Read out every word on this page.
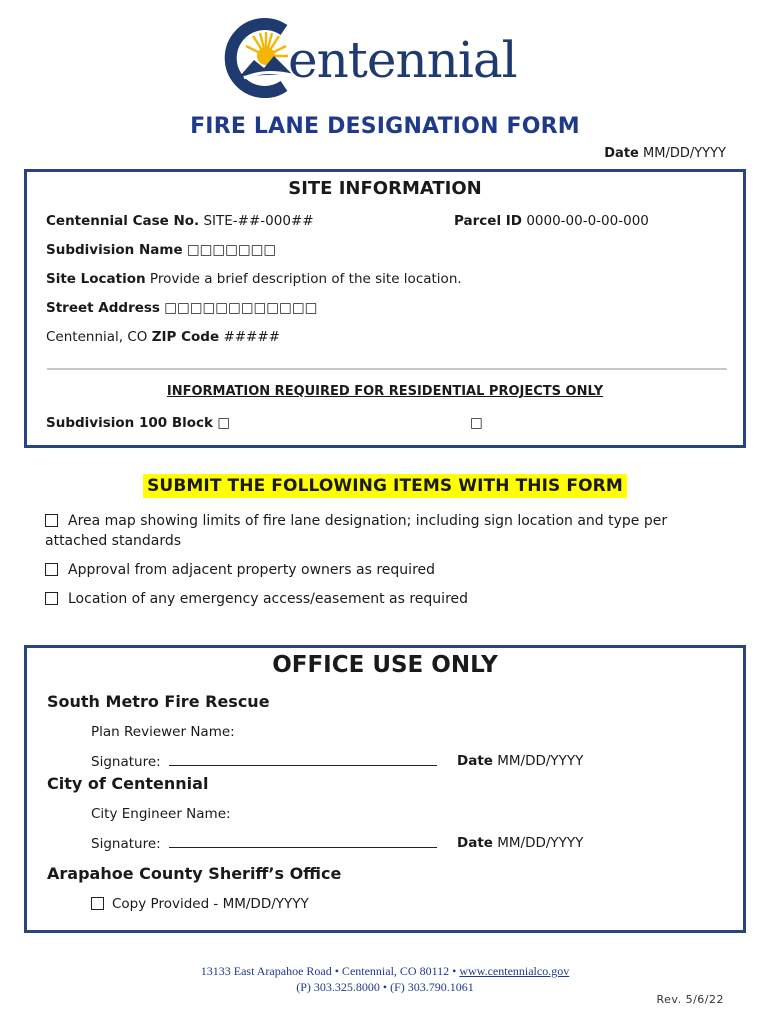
entennial
FIRE LANE DESIGNATION FORM
Date MM/DD/YYYY
SITE INFORMATION
Centennial Case No. SITE-##-000##	Parcel ID 0000-00-0-00-000
Subdivision Name □□□□□□□
Site Location Provide a brief description of the site location.
Street Address □□□□□□□□□□□□
Centennial, CO ZIP Code #####
INFORMATION REQUIRED FOR RESIDENTIAL PROJECTS ONLY
Subdivision 100 Block □	□
SUBMIT THE FOLLOWING ITEMS WITH THIS FORM
Area map showing limits of fire lane designation; including sign location and type per
attached standards
Approval from adjacent property owners as required
Location of any emergency access/easement as required
OFFICE USE ONLY
South Metro Fire Rescue
Plan Reviewer Name:
Signature:	Date MM/DD/YYYY
City of Centennial
City Engineer Name:
Signature:	Date MM/DD/YYYY
Arapahoe County Sheriff’s Office
Copy Provided - MM/DD/YYYY
13133 East Arapahoe Road • Centennial, CO 80112 • www.centennialco.gov
(P) 303.325.8000 • (F) 303.790.1061
Rev. 5/6/22
